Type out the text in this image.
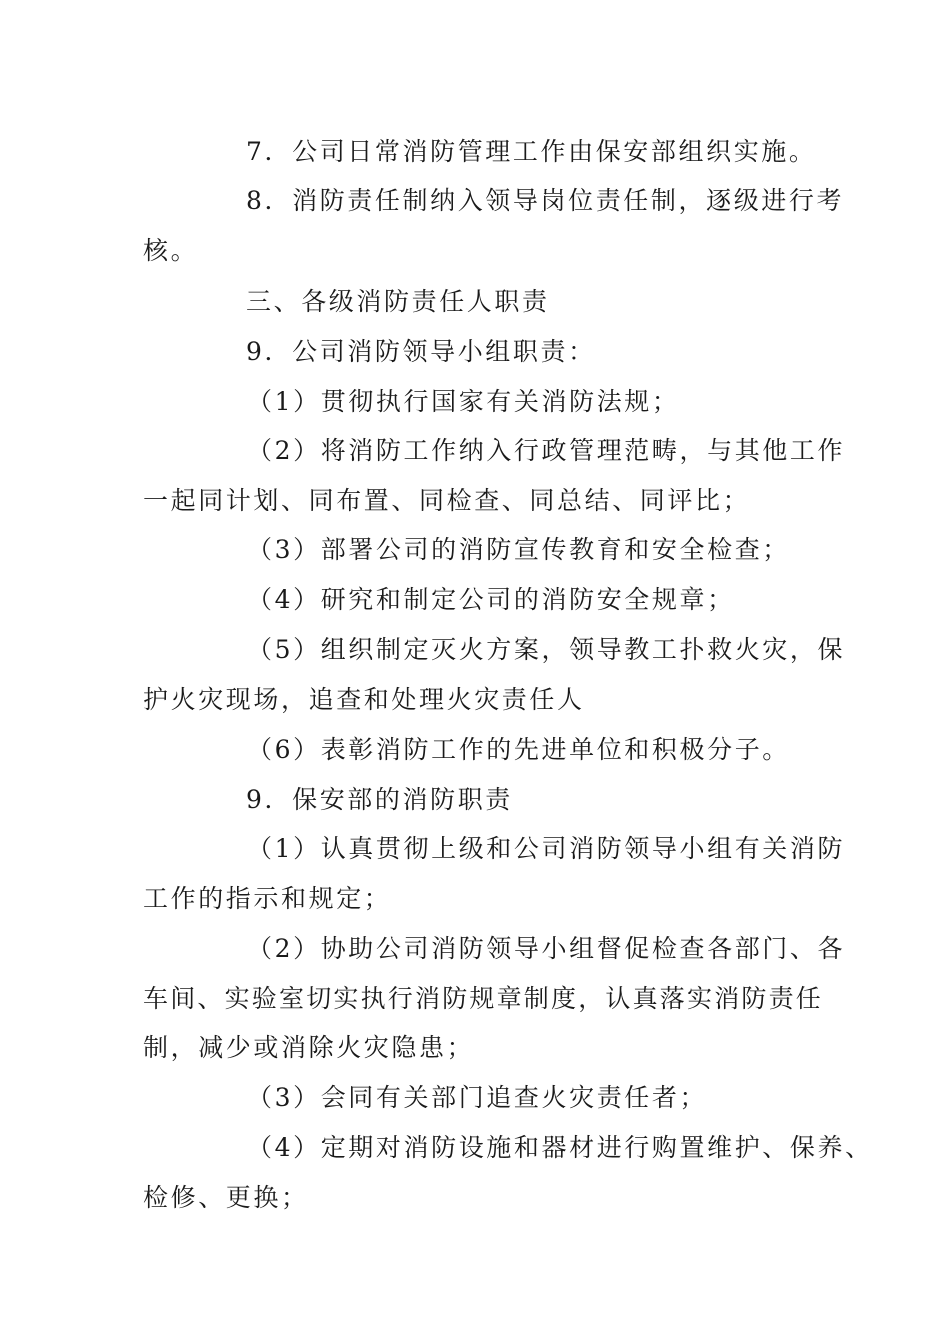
7．公司日常消防管理工作由保安部组织实施。
8．消防责任制纳入领导岗位责任制，逐级进行考
核。
三、各级消防责任人职责
9．公司消防领导小组职责：
（1）贯彻执行国家有关消防法规；
（2）将消防工作纳入行政管理范畴，与其他工作
一起同计划、同布置、同检查、同总结、同评比；
（3）部署公司的消防宣传教育和安全检查；
（4）研究和制定公司的消防安全规章；
（5）组织制定灭火方案，领导教工扑救火灾，保
护火灾现场，追查和处理火灾责任人
（6）表彰消防工作的先进单位和积极分子。
9．保安部的消防职责
（1）认真贯彻上级和公司消防领导小组有关消防
工作的指示和规定；
（2）协助公司消防领导小组督促检查各部门、各
车间、实验室切实执行消防规章制度，认真落实消防责任
制，减少或消除火灾隐患；
（3）会同有关部门追查火灾责任者；
（4）定期对消防设施和器材进行购置维护、保养、
检修、更换；
